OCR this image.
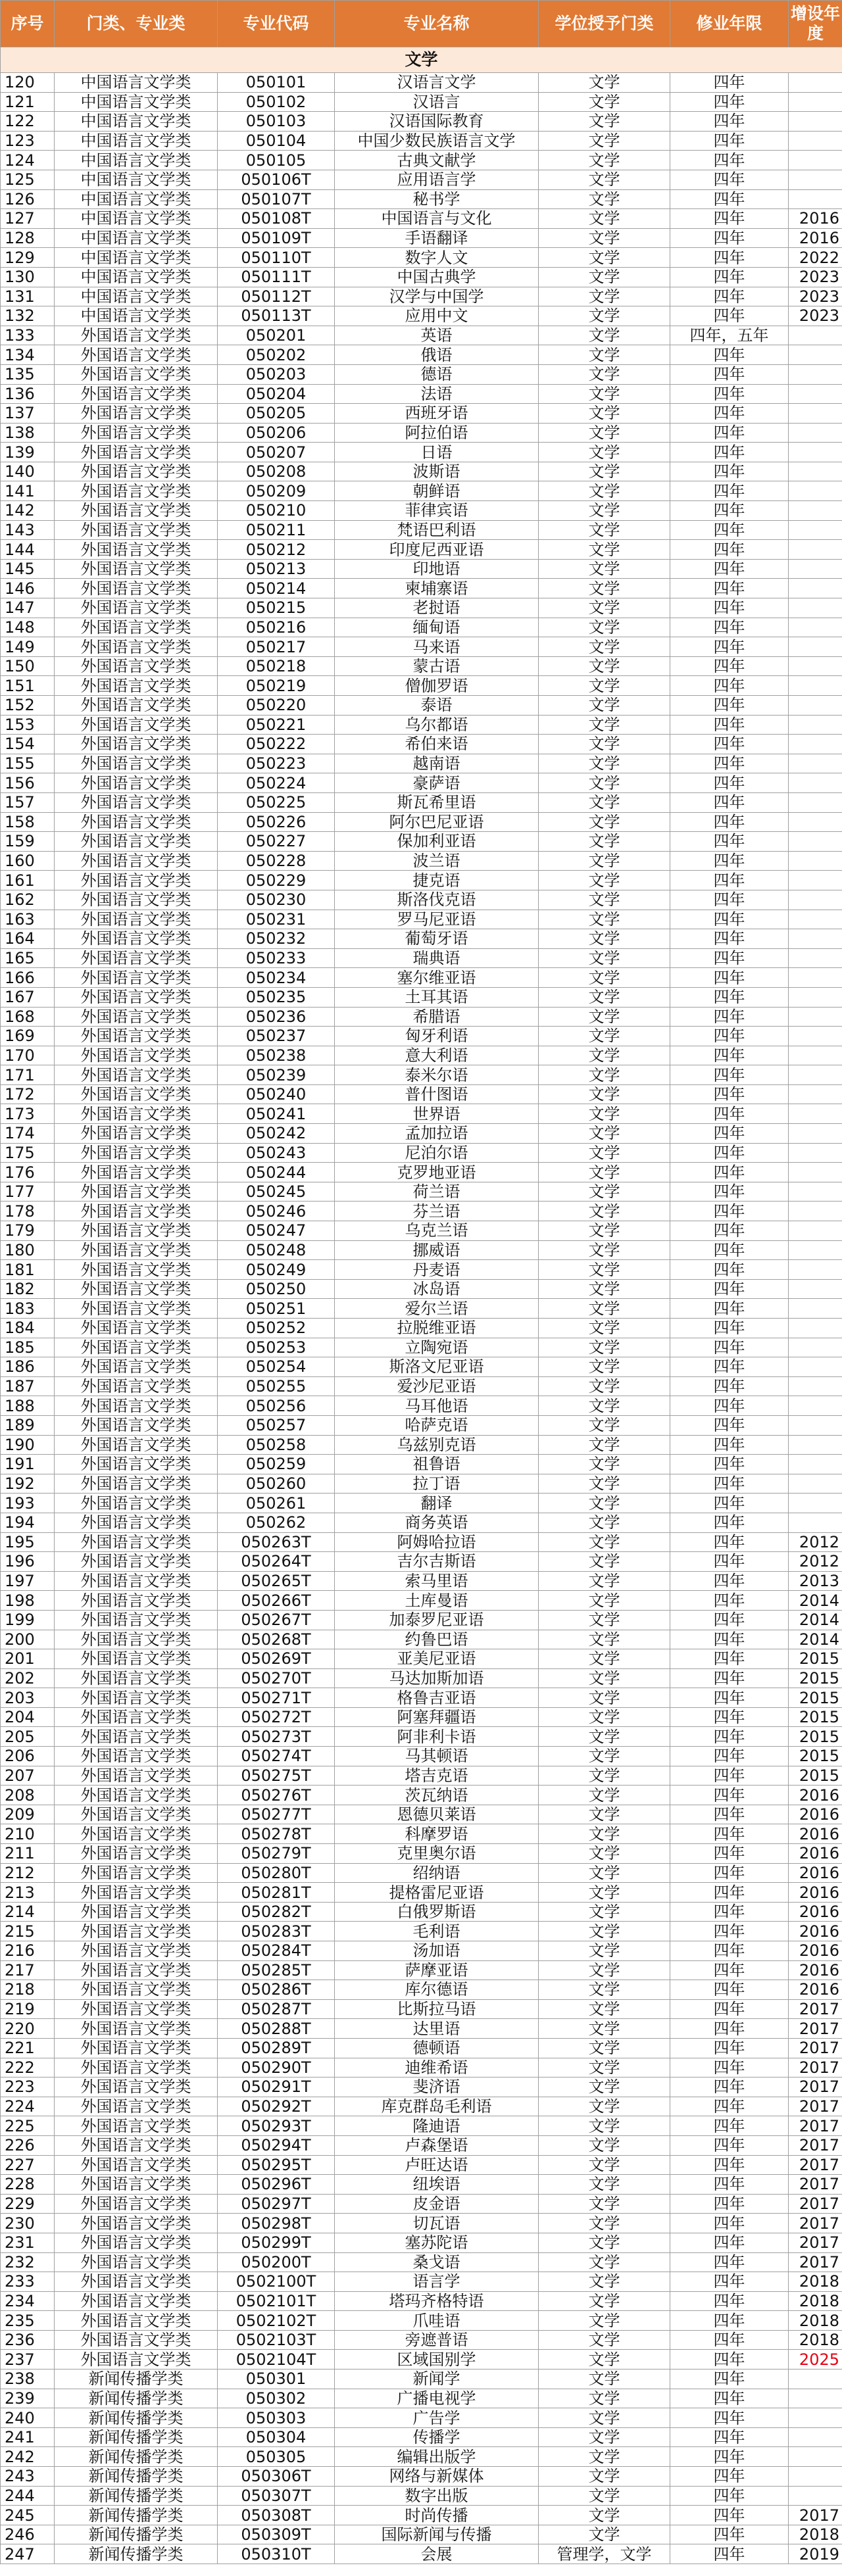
序号	门类、专业类	专业代码	专业名称	学位授予门类	修业年限	增设年度
文学						
120	中国语言文学类	050101	汉语言文学	文学	四年	
121	中国语言文学类	050102	汉语言	文学	四年	
122	中国语言文学类	050103	汉语国际教育	文学	四年	
123	中国语言文学类	050104	中国少数民族语言文学	文学	四年	
124	中国语言文学类	050105	古典文献学	文学	四年	
125	中国语言文学类	050106T	应用语言学	文学	四年	
126	中国语言文学类	050107T	秘书学	文学	四年	
127	中国语言文学类	050108T	中国语言与文化	文学	四年	2016
128	中国语言文学类	050109T	手语翻译	文学	四年	2016
129	中国语言文学类	050110T	数字人文	文学	四年	2022
130	中国语言文学类	050111T	中国古典学	文学	四年	2023
131	中国语言文学类	050112T	汉学与中国学	文学	四年	2023
132	中国语言文学类	050113T	应用中文	文学	四年	2023
133	外国语言文学类	050201	英语	文学	四年，五年	
134	外国语言文学类	050202	俄语	文学	四年	
135	外国语言文学类	050203	德语	文学	四年	
136	外国语言文学类	050204	法语	文学	四年	
137	外国语言文学类	050205	西班牙语	文学	四年	
138	外国语言文学类	050206	阿拉伯语	文学	四年	
139	外国语言文学类	050207	日语	文学	四年	
140	外国语言文学类	050208	波斯语	文学	四年	
141	外国语言文学类	050209	朝鲜语	文学	四年	
142	外国语言文学类	050210	菲律宾语	文学	四年	
143	外国语言文学类	050211	梵语巴利语	文学	四年	
144	外国语言文学类	050212	印度尼西亚语	文学	四年	
145	外国语言文学类	050213	印地语	文学	四年	
146	外国语言文学类	050214	柬埔寨语	文学	四年	
147	外国语言文学类	050215	老挝语	文学	四年	
148	外国语言文学类	050216	缅甸语	文学	四年	
149	外国语言文学类	050217	马来语	文学	四年	
150	外国语言文学类	050218	蒙古语	文学	四年	
151	外国语言文学类	050219	僧伽罗语	文学	四年	
152	外国语言文学类	050220	泰语	文学	四年	
153	外国语言文学类	050221	乌尔都语	文学	四年	
154	外国语言文学类	050222	希伯来语	文学	四年	
155	外国语言文学类	050223	越南语	文学	四年	
156	外国语言文学类	050224	豪萨语	文学	四年	
157	外国语言文学类	050225	斯瓦希里语	文学	四年	
158	外国语言文学类	050226	阿尔巴尼亚语	文学	四年	
159	外国语言文学类	050227	保加利亚语	文学	四年	
160	外国语言文学类	050228	波兰语	文学	四年	
161	外国语言文学类	050229	捷克语	文学	四年	
162	外国语言文学类	050230	斯洛伐克语	文学	四年	
163	外国语言文学类	050231	罗马尼亚语	文学	四年	
164	外国语言文学类	050232	葡萄牙语	文学	四年	
165	外国语言文学类	050233	瑞典语	文学	四年	
166	外国语言文学类	050234	塞尔维亚语	文学	四年	
167	外国语言文学类	050235	土耳其语	文学	四年	
168	外国语言文学类	050236	希腊语	文学	四年	
169	外国语言文学类	050237	匈牙利语	文学	四年	
170	外国语言文学类	050238	意大利语	文学	四年	
171	外国语言文学类	050239	泰米尔语	文学	四年	
172	外国语言文学类	050240	普什图语	文学	四年	
173	外国语言文学类	050241	世界语	文学	四年	
174	外国语言文学类	050242	孟加拉语	文学	四年	
175	外国语言文学类	050243	尼泊尔语	文学	四年	
176	外国语言文学类	050244	克罗地亚语	文学	四年	
177	外国语言文学类	050245	荷兰语	文学	四年	
178	外国语言文学类	050246	芬兰语	文学	四年	
179	外国语言文学类	050247	乌克兰语	文学	四年	
180	外国语言文学类	050248	挪威语	文学	四年	
181	外国语言文学类	050249	丹麦语	文学	四年	
182	外国语言文学类	050250	冰岛语	文学	四年	
183	外国语言文学类	050251	爱尔兰语	文学	四年	
184	外国语言文学类	050252	拉脱维亚语	文学	四年	
185	外国语言文学类	050253	立陶宛语	文学	四年	
186	外国语言文学类	050254	斯洛文尼亚语	文学	四年	
187	外国语言文学类	050255	爱沙尼亚语	文学	四年	
188	外国语言文学类	050256	马耳他语	文学	四年	
189	外国语言文学类	050257	哈萨克语	文学	四年	
190	外国语言文学类	050258	乌兹别克语	文学	四年	
191	外国语言文学类	050259	祖鲁语	文学	四年	
192	外国语言文学类	050260	拉丁语	文学	四年	
193	外国语言文学类	050261	翻译	文学	四年	
194	外国语言文学类	050262	商务英语	文学	四年	
195	外国语言文学类	050263T	阿姆哈拉语	文学	四年	2012
196	外国语言文学类	050264T	吉尔吉斯语	文学	四年	2012
197	外国语言文学类	050265T	索马里语	文学	四年	2013
198	外国语言文学类	050266T	土库曼语	文学	四年	2014
199	外国语言文学类	050267T	加泰罗尼亚语	文学	四年	2014
200	外国语言文学类	050268T	约鲁巴语	文学	四年	2014
201	外国语言文学类	050269T	亚美尼亚语	文学	四年	2015
202	外国语言文学类	050270T	马达加斯加语	文学	四年	2015
203	外国语言文学类	050271T	格鲁吉亚语	文学	四年	2015
204	外国语言文学类	050272T	阿塞拜疆语	文学	四年	2015
205	外国语言文学类	050273T	阿非利卡语	文学	四年	2015
206	外国语言文学类	050274T	马其顿语	文学	四年	2015
207	外国语言文学类	050275T	塔吉克语	文学	四年	2015
208	外国语言文学类	050276T	茨瓦纳语	文学	四年	2016
209	外国语言文学类	050277T	恩德贝莱语	文学	四年	2016
210	外国语言文学类	050278T	科摩罗语	文学	四年	2016
211	外国语言文学类	050279T	克里奥尔语	文学	四年	2016
212	外国语言文学类	050280T	绍纳语	文学	四年	2016
213	外国语言文学类	050281T	提格雷尼亚语	文学	四年	2016
214	外国语言文学类	050282T	白俄罗斯语	文学	四年	2016
215	外国语言文学类	050283T	毛利语	文学	四年	2016
216	外国语言文学类	050284T	汤加语	文学	四年	2016
217	外国语言文学类	050285T	萨摩亚语	文学	四年	2016
218	外国语言文学类	050286T	库尔德语	文学	四年	2016
219	外国语言文学类	050287T	比斯拉马语	文学	四年	2017
220	外国语言文学类	050288T	达里语	文学	四年	2017
221	外国语言文学类	050289T	德顿语	文学	四年	2017
222	外国语言文学类	050290T	迪维希语	文学	四年	2017
223	外国语言文学类	050291T	斐济语	文学	四年	2017
224	外国语言文学类	050292T	库克群岛毛利语	文学	四年	2017
225	外国语言文学类	050293T	隆迪语	文学	四年	2017
226	外国语言文学类	050294T	卢森堡语	文学	四年	2017
227	外国语言文学类	050295T	卢旺达语	文学	四年	2017
228	外国语言文学类	050296T	纽埃语	文学	四年	2017
229	外国语言文学类	050297T	皮金语	文学	四年	2017
230	外国语言文学类	050298T	切瓦语	文学	四年	2017
231	外国语言文学类	050299T	塞苏陀语	文学	四年	2017
232	外国语言文学类	050200T	桑戈语	文学	四年	2017
233	外国语言文学类	0502100T	语言学	文学	四年	2018
234	外国语言文学类	0502101T	塔玛齐格特语	文学	四年	2018
235	外国语言文学类	0502102T	爪哇语	文学	四年	2018
236	外国语言文学类	0502103T	旁遮普语	文学	四年	2018
237	外国语言文学类	0502104T	区域国别学	文学	四年	2025
238	新闻传播学类	050301	新闻学	文学	四年	
239	新闻传播学类	050302	广播电视学	文学	四年	
240	新闻传播学类	050303	广告学	文学	四年	
241	新闻传播学类	050304	传播学	文学	四年	
242	新闻传播学类	050305	编辑出版学	文学	四年	
243	新闻传播学类	050306T	网络与新媒体	文学	四年	
244	新闻传播学类	050307T	数字出版	文学	四年	
245	新闻传播学类	050308T	时尚传播	文学	四年	2017
246	新闻传播学类	050309T	国际新闻与传播	文学	四年	2018
247	新闻传播学类	050310T	会展	管理学，文学	四年	2019
